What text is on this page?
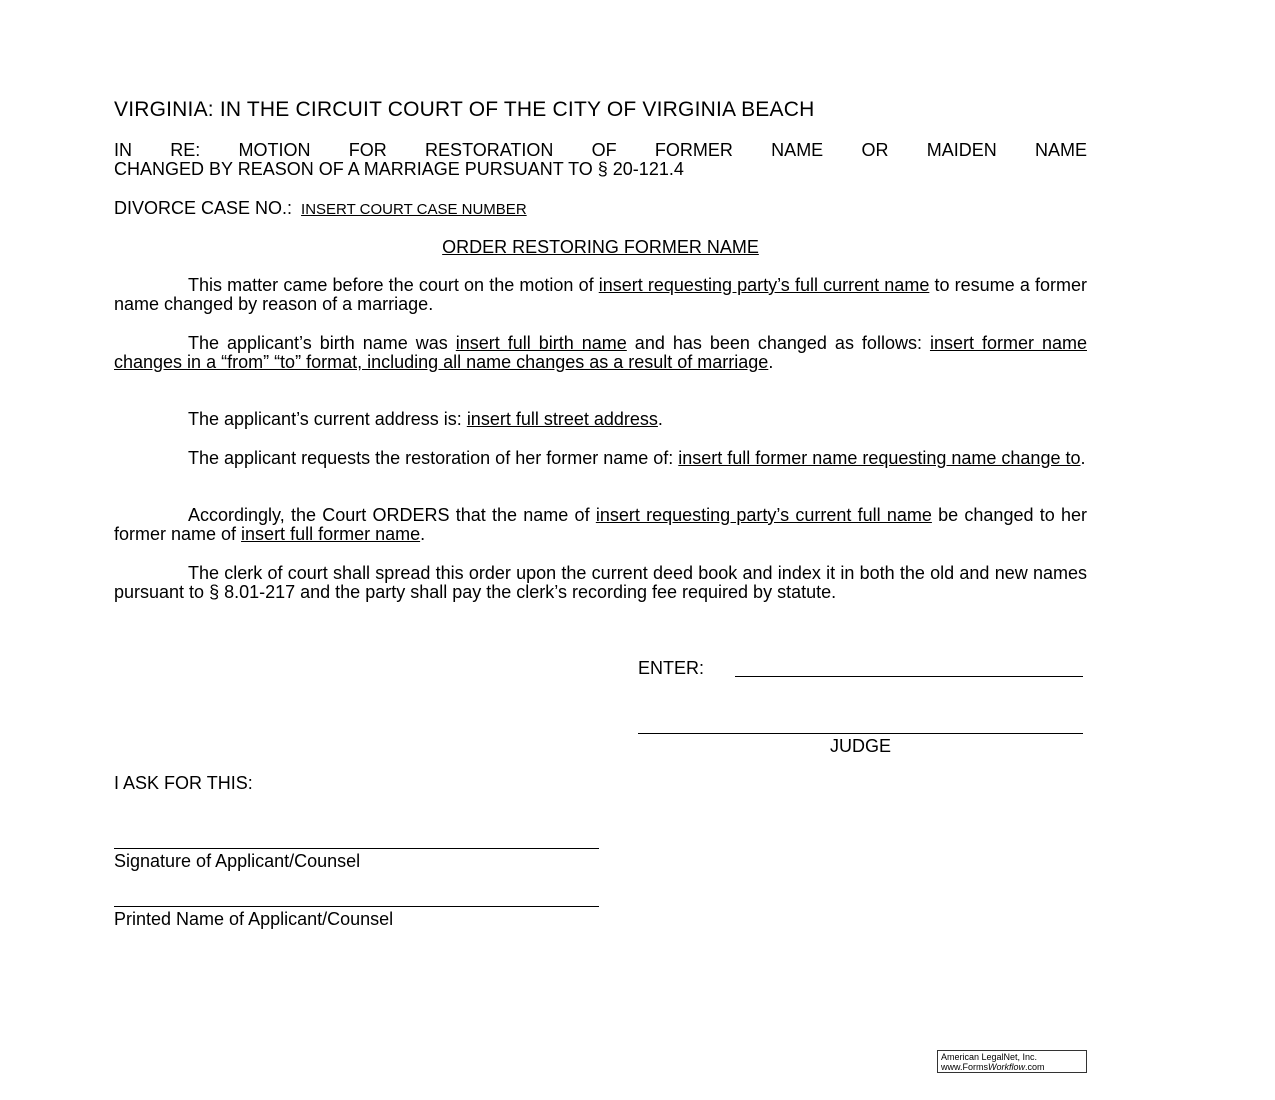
VIRGINIA: IN THE CIRCUIT COURT OF THE CITY OF VIRGINIA BEACH
IN RE: MOTION FOR RESTORATION OF FORMER NAME OR MAIDEN NAME
CHANGED BY REASON OF A MARRIAGE PURSUANT TO § 20-121.4
DIVORCE CASE NO.: INSERT COURT CASE NUMBER
ORDER RESTORING FORMER NAME
This matter came before the court on the motion of insert requesting party’s full current name to resume a former name changed by reason of a marriage.
The applicant’s birth name was insert full birth name and has been changed as follows: insert former name changes in a “from” “to” format, including all name changes as a result of marriage.
The applicant’s current address is: insert full street address.
The applicant requests the restoration of her former name of: insert full former name requesting name change to.
Accordingly, the Court ORDERS that the name of insert requesting party’s current full name be changed to her former name of insert full former name.
The clerk of court shall spread this order upon the current deed book and index it in both the old and new names pursuant to § 8.01-217 and the party shall pay the clerk’s recording fee required by statute.
ENTER:
JUDGE
I ASK FOR THIS:
Signature of Applicant/Counsel
Printed Name of Applicant/Counsel
American LegalNet, Inc.
www.FormsWorkflow.com
